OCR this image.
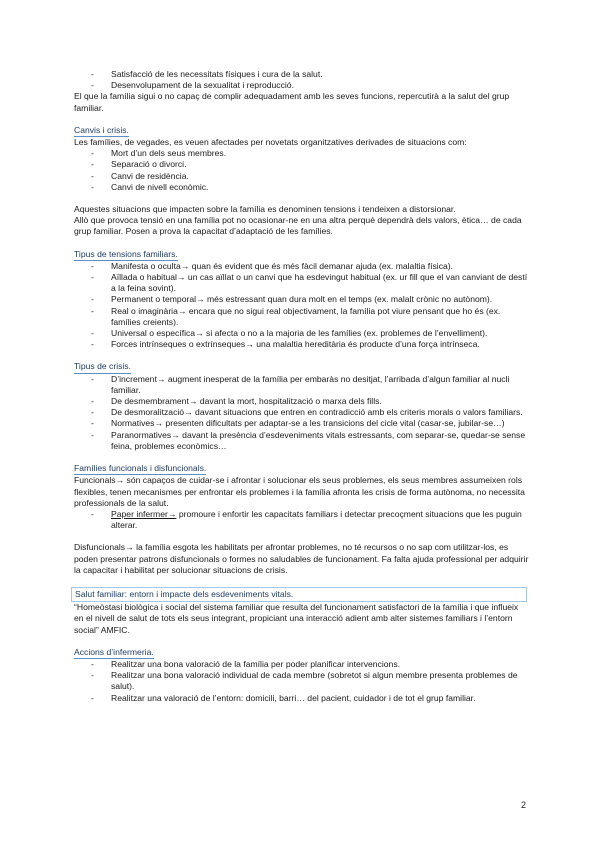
- Satisfacció de les necessitats físiques i cura de la salut.
- Desenvolupament de la sexualitat i reproducció.

El que la família sigui o no capaç de complir adequadament amb les seves funcions, repercutirà a la salut del grup familiar.

Canvis i crisis.

Les famílies, de vegades, es veuen afectades per novetats organitzatives derivades de situacions com:

- Mort d’un dels seus membres.
- Separació o divorci.
- Canvi de residència.
- Canvi de nivell econòmic.

Aquestes situacions que impacten sobre la família es denominen tensions i tendeixen a distorsionar.

Allò que provoca tensió en una família pot no ocasionar-ne en una altra perquè dependrà dels valors, ètica… de cada grup familiar. Posen a prova la capacitat d’adaptació de les famílies.

Tipus de tensions familiars.

- Manifesta o oculta→ quan és evident que és més fàcil demanar ajuda (ex. malaltia física).
- Aïllada o habitual→ un cas aïllat o un canvi que ha esdevingut habitual (ex. ur fill que el van canviant de destí a la feina sovint).
- Permanent o temporal→ més estressant quan dura molt en el temps (ex. malalt crònic no autònom).
- Real o imaginària→ encara que no sigui real objectivament, la família pot viure pensant que ho és (ex. famílies creients).
- Universal o específica→ si afecta o no a la majoria de les famílies (ex. problemes de l’envelliment).
- Forces intrínseques o extrínseques→ una malaltia hereditària és producte d’una força intrínseca.

Tipus de crisis.

- D’increment→ augment inesperat de la família per embaràs no desitjat, l’arribada d’algun familiar al nucli familiar.
- De desmembrament→ davant la mort, hospitalització o marxa dels fills.
- De desmoralització→ davant situacions que entren en contradicció amb els criteris morals o valors familiars.
- Normatives→ presenten dificultats per adaptar-se a les transicions del cicle vital (casar-se, jubilar-se…)
- Paranormatives→ davant la presència d’esdeveniments vitals estressants, com separar-se, quedar-se sense feina, problemes econòmics…

Famílies funcionals i disfuncionals.

Funcionals→ són capaços de cuidar-se i afrontar i solucionar els seus problemes, els seus membres assumeixen rols flexibles, tenen mecanismes per enfrontar els problemes i la família afronta les crisis de forma autònoma, no necessita professionals de la salut.

- Paper infermer→ promoure i enfortir les capacitats familiars i detectar precoçment situacions que les puguin alterar.

Disfuncionals→ la família esgota les habilitats per afrontar problemes, no té recursos o no sap com utilitzar-los, es poden presentar patrons disfuncionals o formes no saludables de funcionament. Fa falta ajuda professional per adquirir la capacitar i habilitat per solucionar situacions de crisis.

Salut familiar: entorn i impacte dels esdeveniments vitals.

“Homeòstasi biològica i social del sistema familiar que resulta del funcionament satisfactori de la família i que influeix en el nivell de salut de tots els seus integrant, propiciant una interacció adient amb alter sistemes familiars i l’entorn social” AMFIC.

Accions d’infermeria.

- Realitzar una bona valoració de la família per poder planificar intervencions.
- Realitzar una bona valoració individual de cada membre (sobretot si algun membre presenta problemes de salut).
- Realitzar una valoració de l’entorn: domicili, barri… del pacient, cuidador i de tot el grup familiar.
2
